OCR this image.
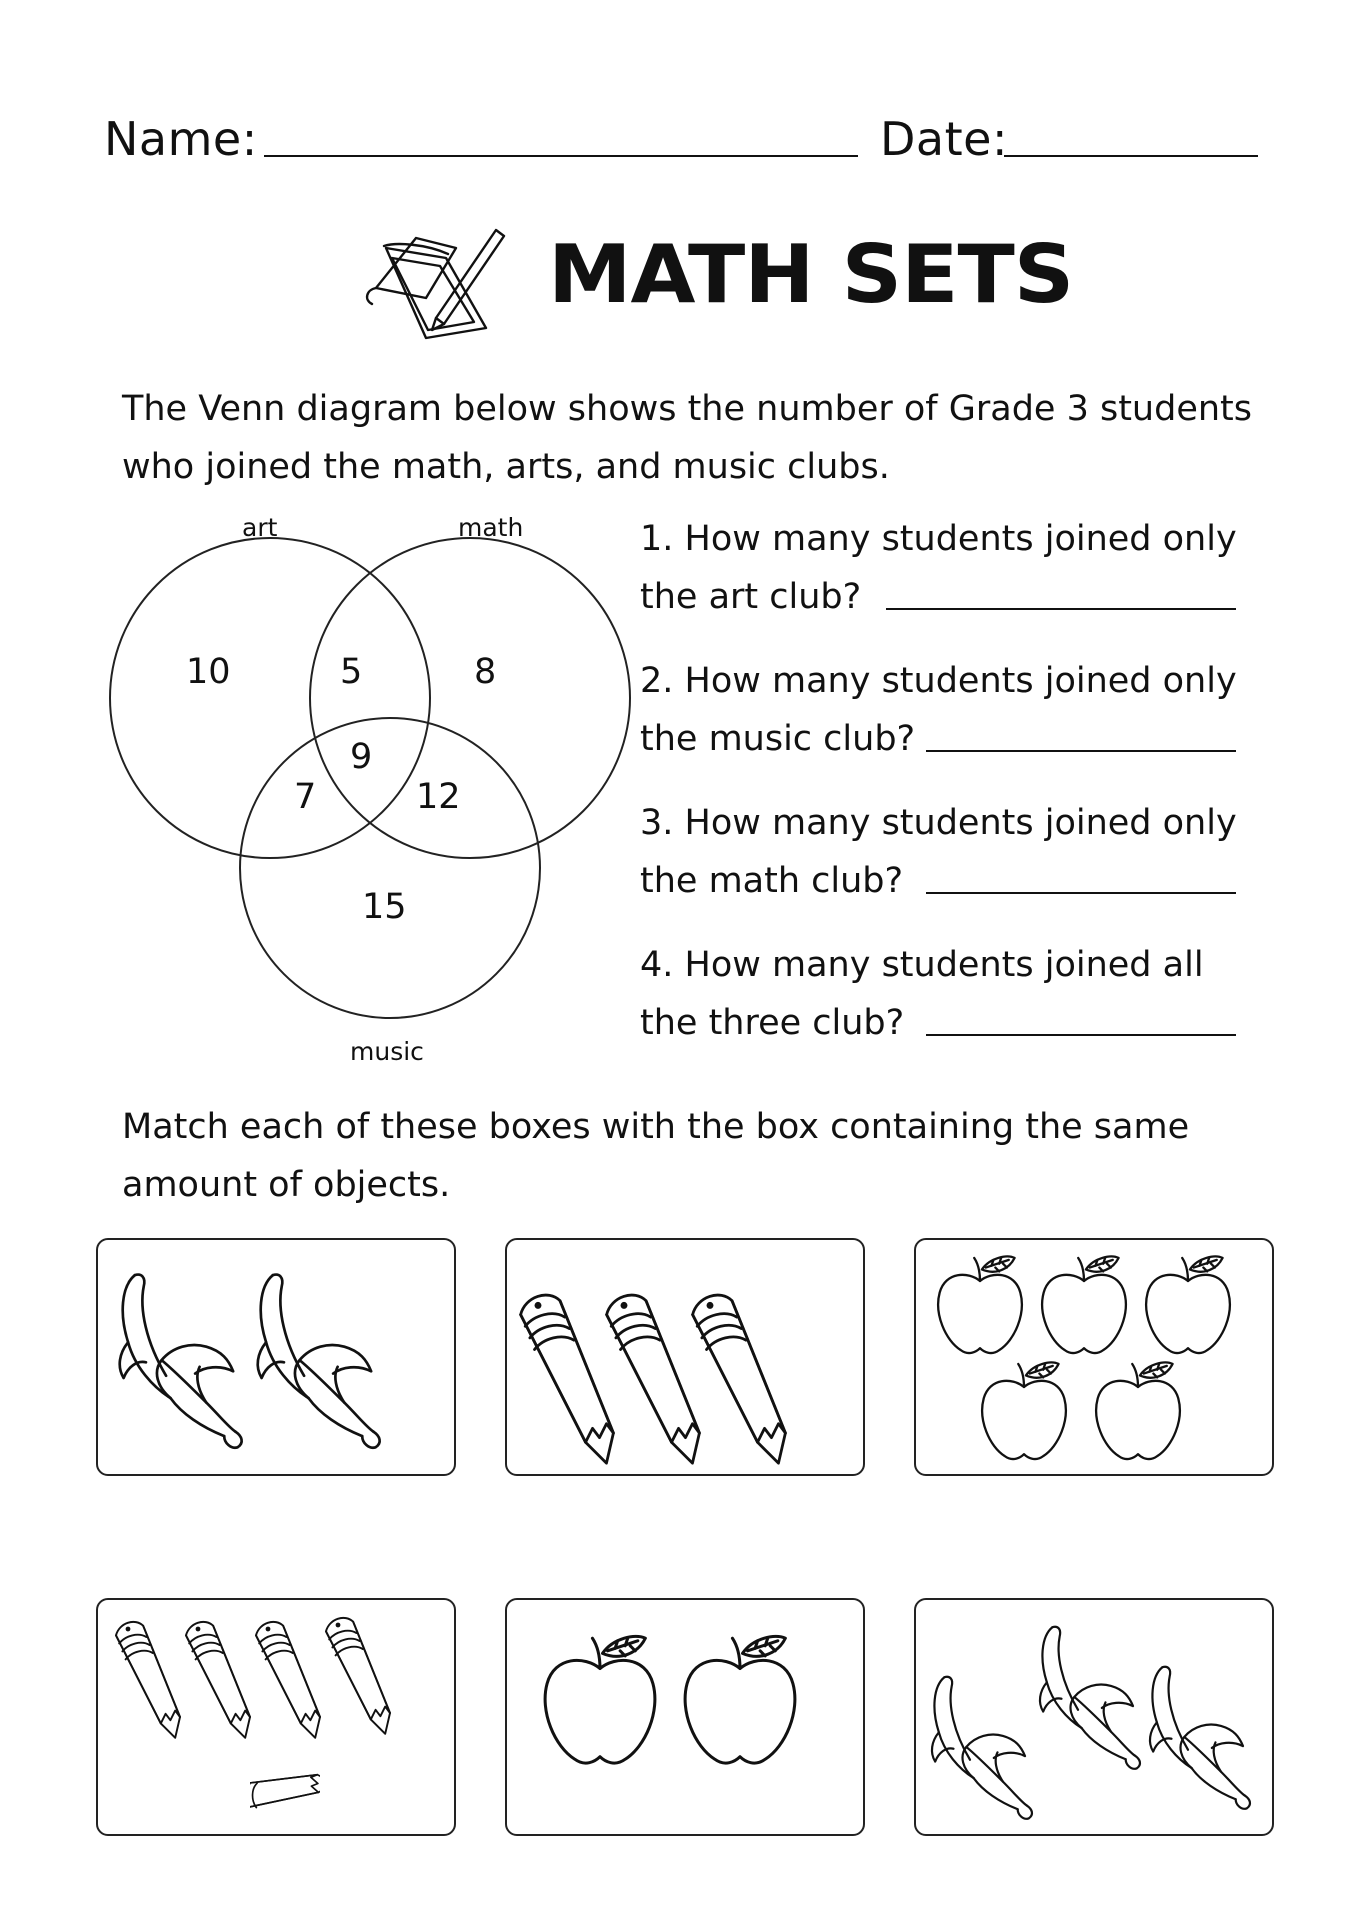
Name:	Date:
MATH SETS
The Venn diagram below shows the number of Grade 3 students
who joined the math, arts, and music clubs.
art	math
music
10	5	8
9
7	12
15
1. How many students joined only
the art club?
2. How many students joined only
the music club?
3. How many students joined only
the math club?
4. How many students joined all
the three club?
Match each of these boxes with the box containing the same
amount of objects.
